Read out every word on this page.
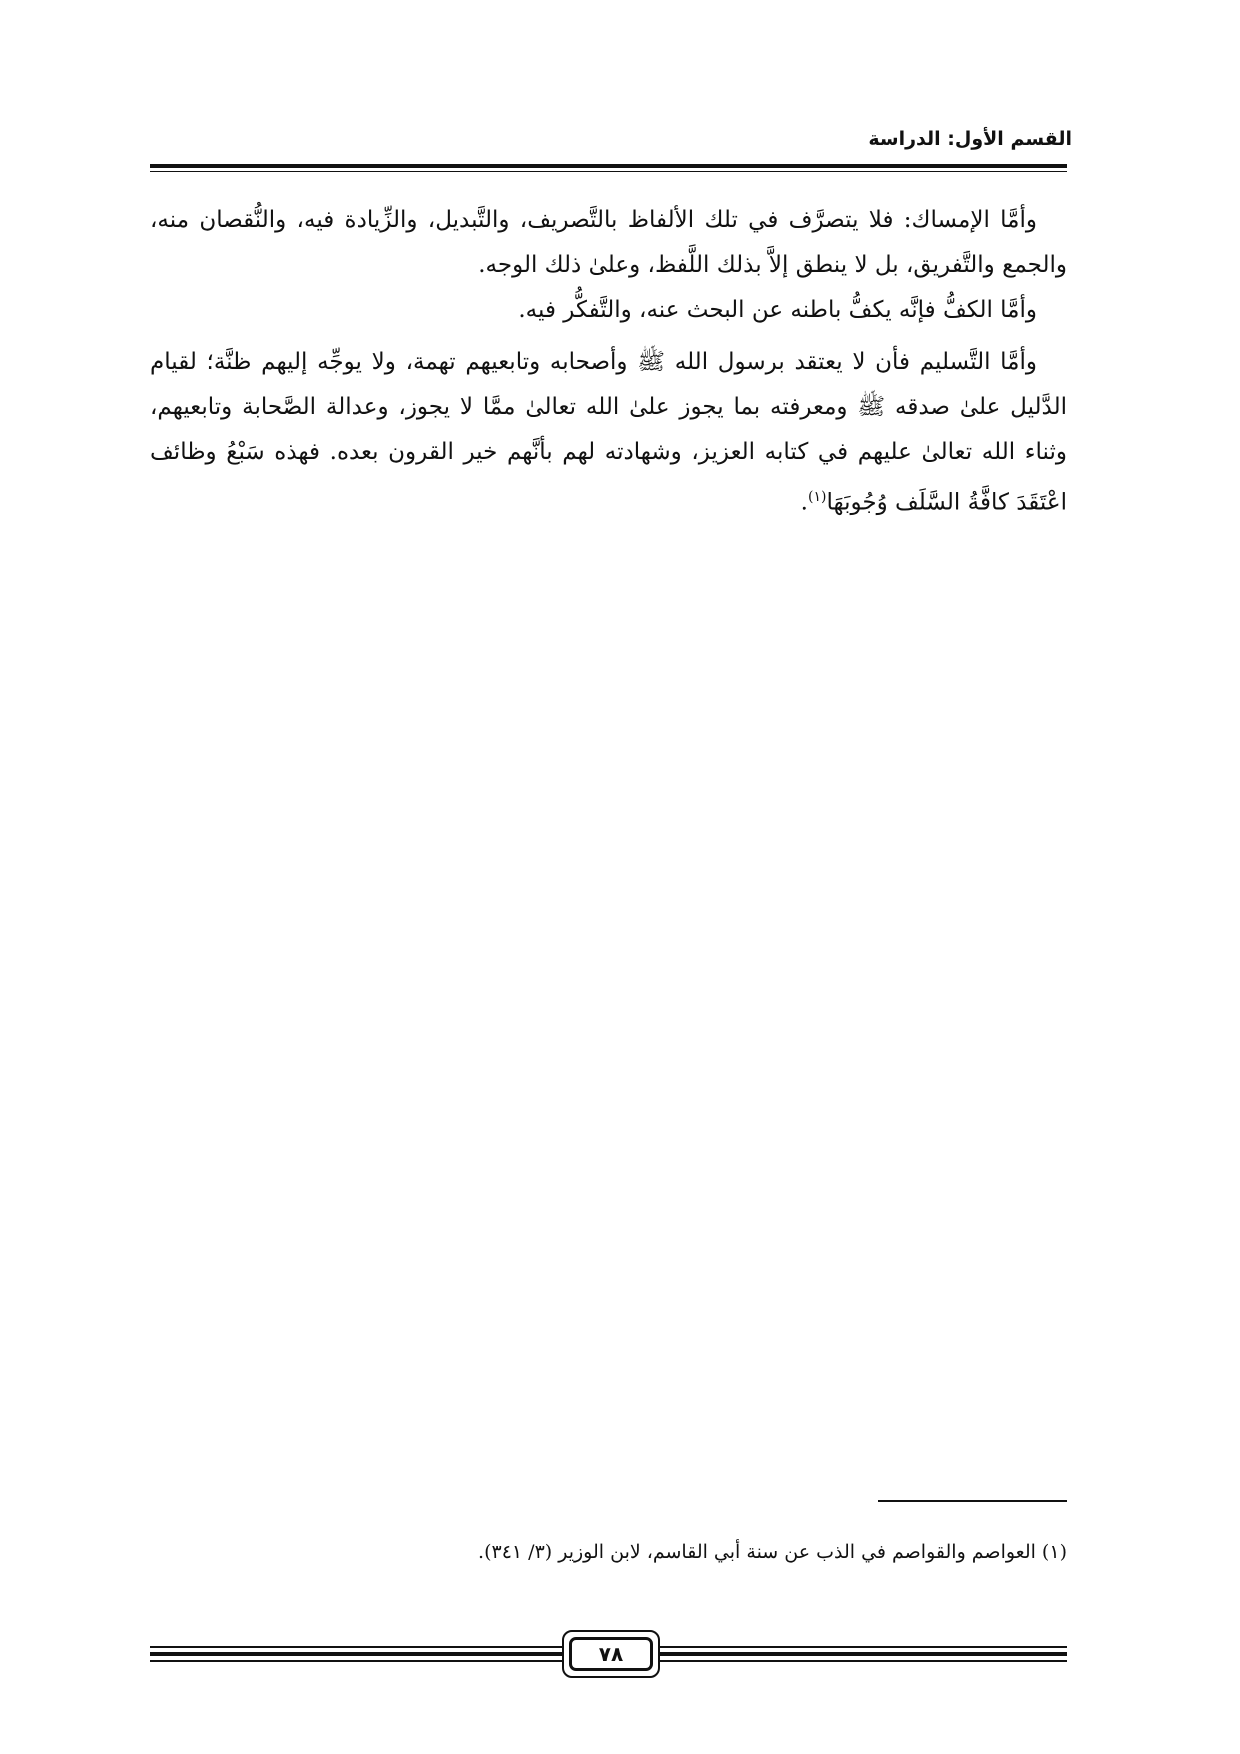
القسم الأول: الدراسة

وأمَّا الإمساك: فلا يتصرَّف في تلك الألفاظ بالتَّصريف، والتَّبديل، والزِّيادة فيه، والنُّقصان منه، والجمع والتَّفريق، بل لا ينطق إلاَّ بذلك اللَّفظ، وعلىٰ ذلك الوجه.

وأمَّا الكفُّ فإنَّه يكفُّ باطنه عن البحث عنه، والتَّفكُّر فيه.

وأمَّا التَّسليم فأن لا يعتقد برسول الله ﷺ وأصحابه وتابعيهم تهمة، ولا يوجِّه إليهم ظنَّة؛ لقيام الدَّليل علىٰ صدقه ﷺ ومعرفته بما يجوز علىٰ الله تعالىٰ ممَّا لا يجوز، وعدالة الصَّحابة وتابعيهم، وثناء الله تعالىٰ عليهم في كتابه العزيز، وشهادته لهم بأنَّهم خير القرون بعده. فهذه سَبْعُ وظائف اعْتَقَدَ كافَّةُ السَّلَف وُجُوبَهَا$^{(١)}$.

(١) العواصم والقواصم في الذب عن سنة أبي القاسم، لابن الوزير (٣/ ٣٤١).
٧٨
